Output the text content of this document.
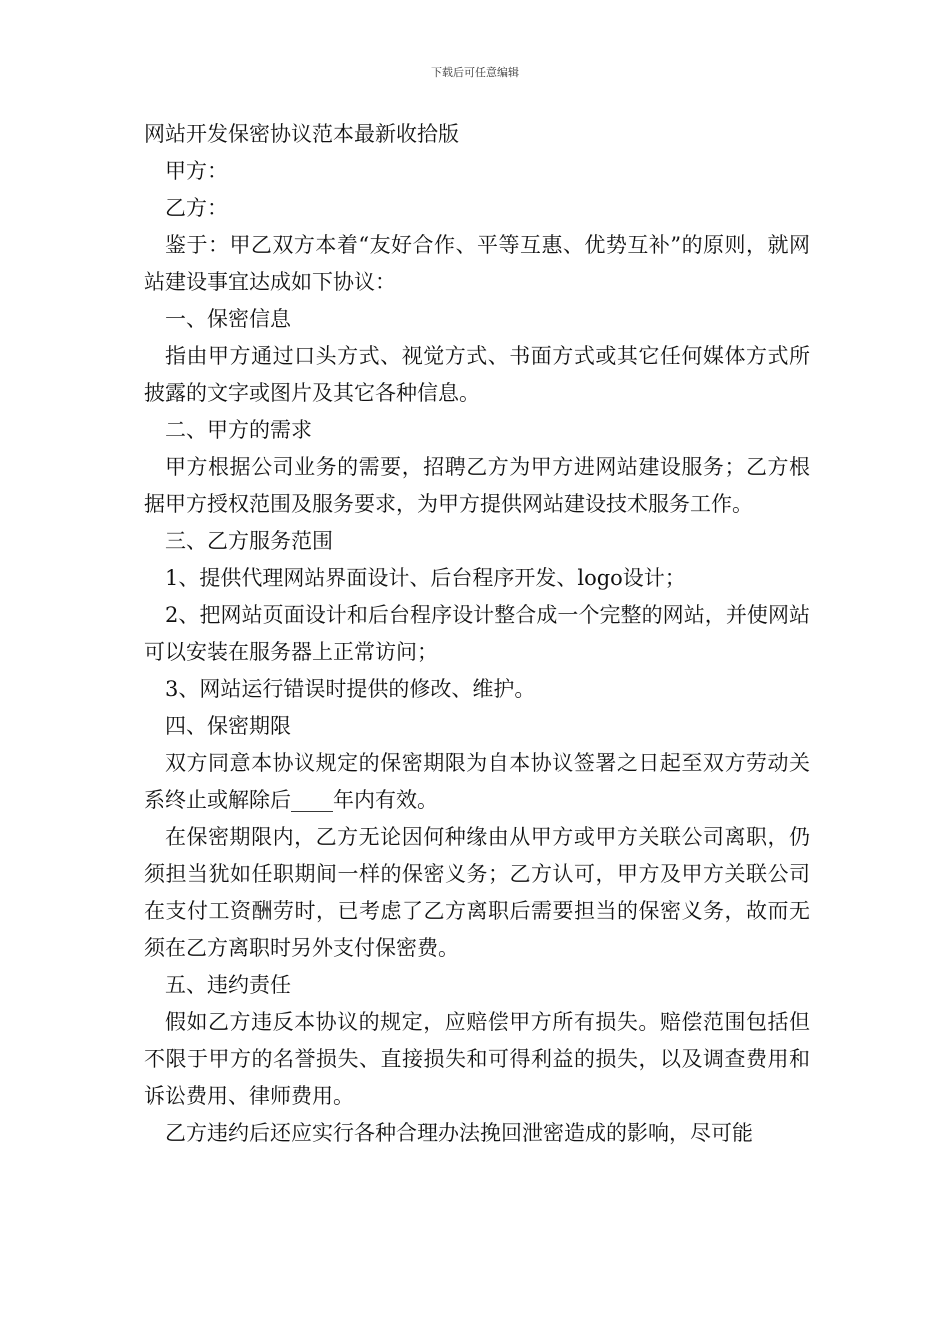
下载后可任意编辑

网站开发保密协议范本最新收拾版

甲方：

乙方：

鉴于：甲乙双方本着“友好合作、平等互惠、优势互补”的原则，就网站建设事宜达成如下协议：

一、保密信息

指由甲方通过口头方式、视觉方式、书面方式或其它任何媒体方式所披露的文字或图片及其它各种信息。

二、甲方的需求

甲方根据公司业务的需要，招聘乙方为甲方进网站建设服务；乙方根据甲方授权范围及服务要求，为甲方提供网站建设技术服务工作。

三、乙方服务范围

1、提供代理网站界面设计、后台程序开发、logo设计；

2、把网站页面设计和后台程序设计整合成一个完整的网站，并使网站可以安装在服务器上正常访问；

3、网站运行错误时提供的修改、维护。

四、保密期限

双方同意本协议规定的保密期限为自本协议签署之日起至双方劳动关系终止或解除后____年内有效。

在保密期限内，乙方无论因何种缘由从甲方或甲方关联公司离职，仍须担当犹如任职期间一样的保密义务；乙方认可，甲方及甲方关联公司在支付工资酬劳时，已考虑了乙方离职后需要担当的保密义务，故而无须在乙方离职时另外支付保密费。

五、违约责任

假如乙方违反本协议的规定，应赔偿甲方所有损失。赔偿范围包括但不限于甲方的名誉损失、直接损失和可得利益的损失，以及调查费用和诉讼费用、律师费用。

乙方违约后还应实行各种合理办法挽回泄密造成的影响，尽可能
